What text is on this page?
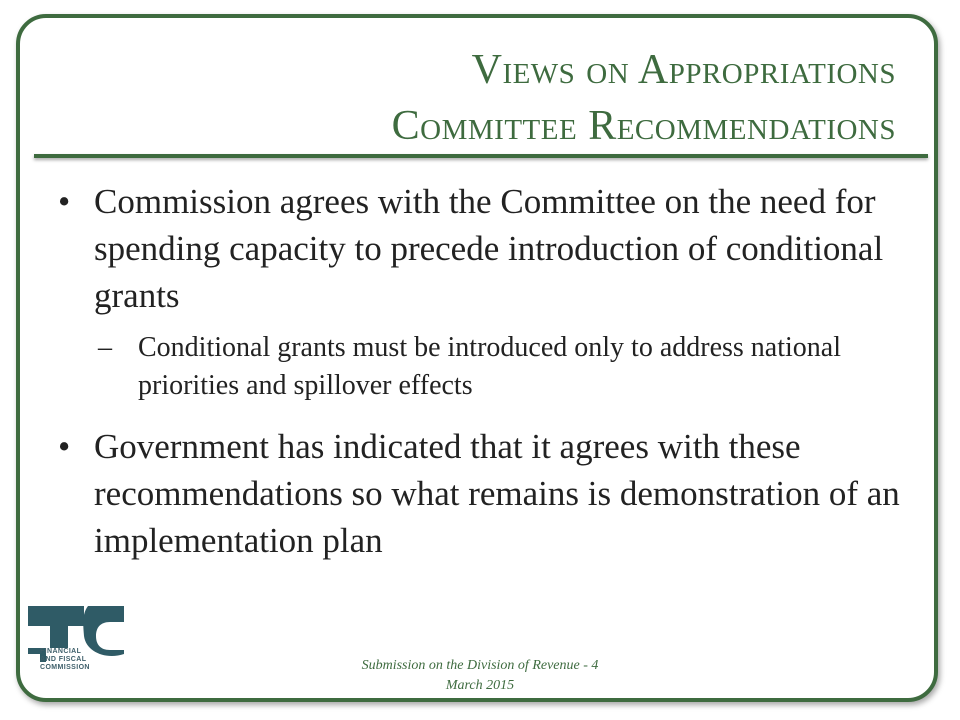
Views on Appropriations
Committee Recommendations
• Commission agrees with the Committee on the need for spending capacity to precede introduction of conditional grants
– Conditional grants must be introduced only to address national priorities and spillover effects
• Government has indicated that it agrees with these recommendations so what remains is demonstration of an implementation plan
FINANCIAL
AND FISCAL
COMMISSION	Submission on the Division of Revenue - 4
March 2015
